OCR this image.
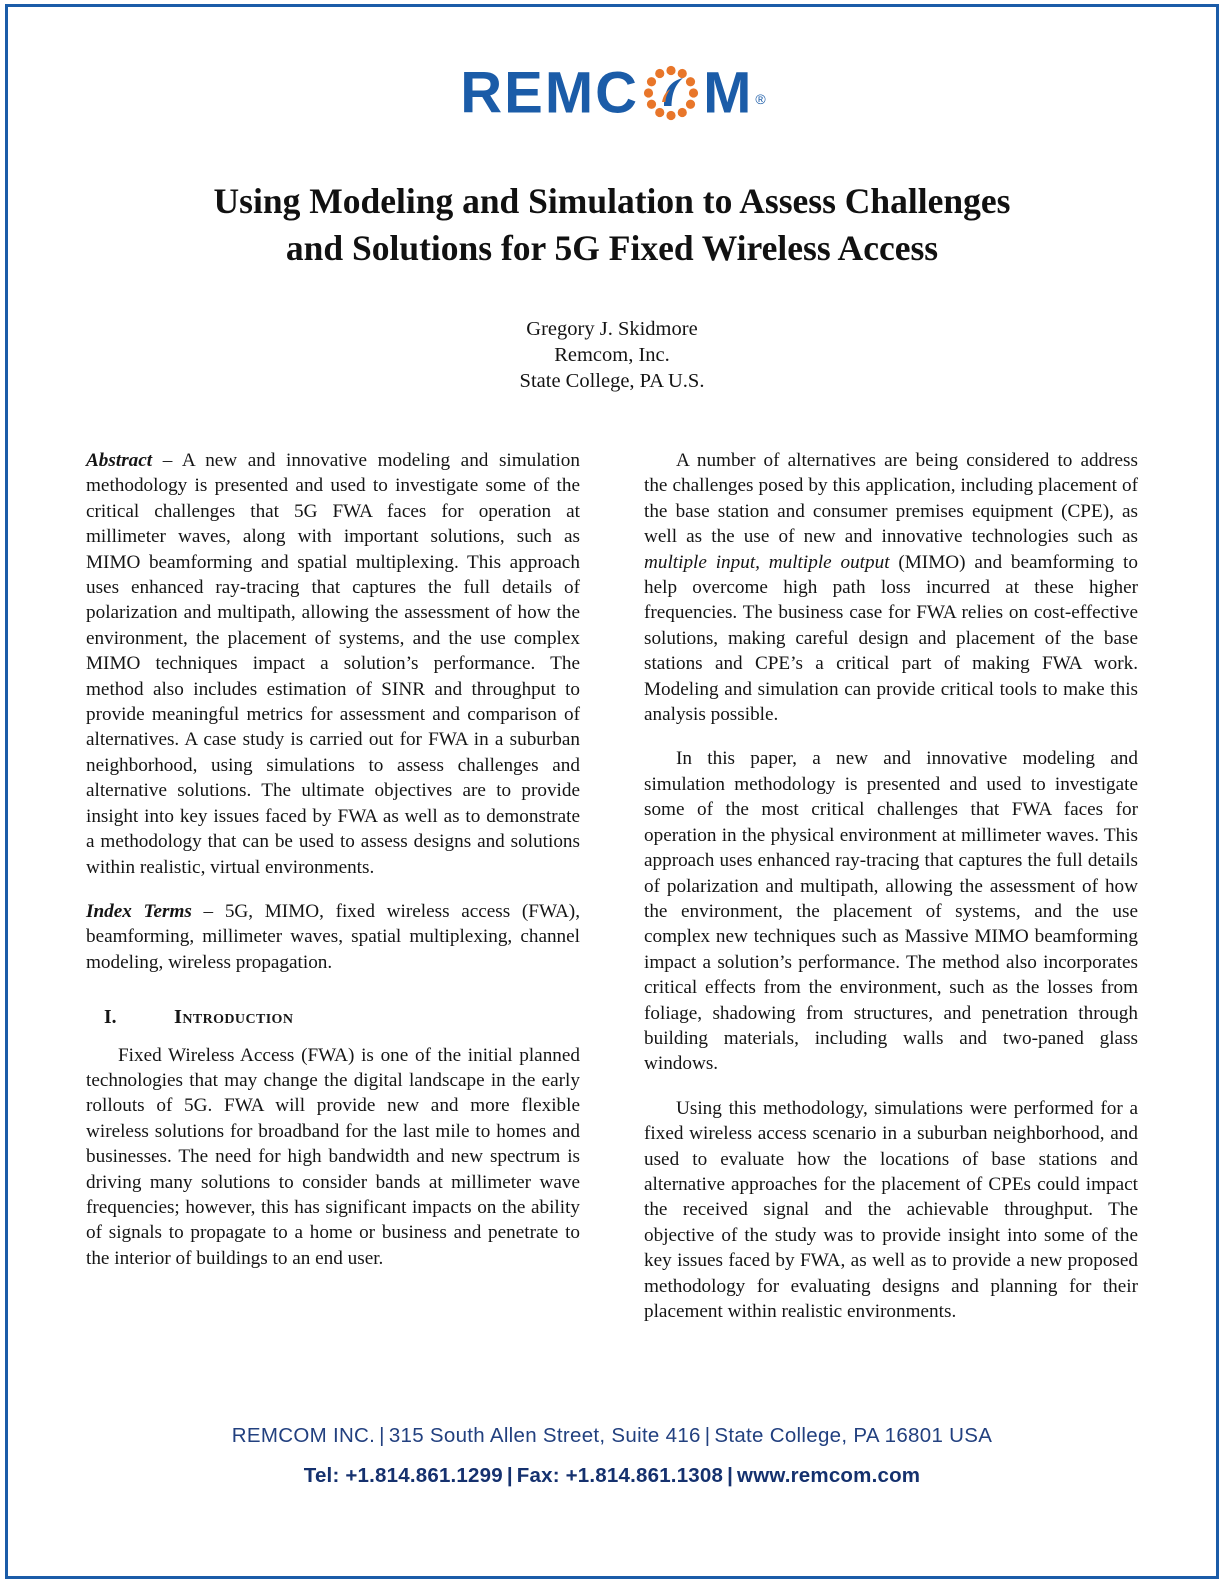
REMC M ®
Using Modeling and Simulation to Assess Challenges
and Solutions for 5G Fixed Wireless Access
Gregory J. Skidmore
Remcom, Inc.
State College, PA U.S.

Abstract – A new and innovative modeling and simulation methodology is presented and used to investigate some of the critical challenges that 5G FWA faces for operation at millimeter waves, along with important solutions, such as MIMO beamforming and spatial multiplexing. This approach uses enhanced ray-tracing that captures the full details of polarization and multipath, allowing the assessment of how the environment, the placement of systems, and the use complex MIMO techniques impact a solution’s performance. The method also includes estimation of SINR and throughput to provide meaningful metrics for assessment and comparison of alternatives. A case study is carried out for FWA in a suburban neighborhood, using simulations to assess challenges and alternative solutions. The ultimate objectives are to provide insight into key issues faced by FWA as well as to demonstrate a methodology that can be used to assess designs and solutions within realistic, virtual environments.

Index Terms – 5G, MIMO, fixed wireless access (FWA), beamforming, millimeter waves, spatial multiplexing, channel modeling, wireless propagation.

I.	Introduction

Fixed Wireless Access (FWA) is one of the initial planned technologies that may change the digital landscape in the early rollouts of 5G. FWA will provide new and more flexible wireless solutions for broadband for the last mile to homes and businesses. The need for high bandwidth and new spectrum is driving many solutions to consider bands at millimeter wave frequencies; however, this has significant impacts on the ability of signals to propagate to a home or business and penetrate to the interior of buildings to an end user.

A number of alternatives are being considered to address the challenges posed by this application, including placement of the base station and consumer premises equipment (CPE), as well as the use of new and innovative technologies such as multiple input, multiple output (MIMO) and beamforming to help overcome high path loss incurred at these higher frequencies. The business case for FWA relies on cost-effective solutions, making careful design and placement of the base stations and CPE’s a critical part of making FWA work. Modeling and simulation can provide critical tools to make this analysis possible.

In this paper, a new and innovative modeling and simulation methodology is presented and used to investigate some of the most critical challenges that FWA faces for operation in the physical environment at millimeter waves. This approach uses enhanced ray-tracing that captures the full details of polarization and multipath, allowing the assessment of how the environment, the placement of systems, and the use complex new techniques such as Massive MIMO beamforming impact a solution’s performance. The method also incorporates critical effects from the environment, such as the losses from foliage, shadowing from structures, and penetration through building materials, including walls and two-paned glass windows.

Using this methodology, simulations were performed for a fixed wireless access scenario in a suburban neighborhood, and used to evaluate how the locations of base stations and alternative approaches for the placement of CPEs could impact the received signal and the achievable throughput. The objective of the study was to provide insight into some of the key issues faced by FWA, as well as to provide a new proposed methodology for evaluating designs and planning for their placement within realistic environments.

REMCOM INC. | 315 South Allen Street, Suite 416 | State College, PA 16801 USA
Tel: +1.814.861.1299 | Fax: +1.814.861.1308 | www.remcom.com
